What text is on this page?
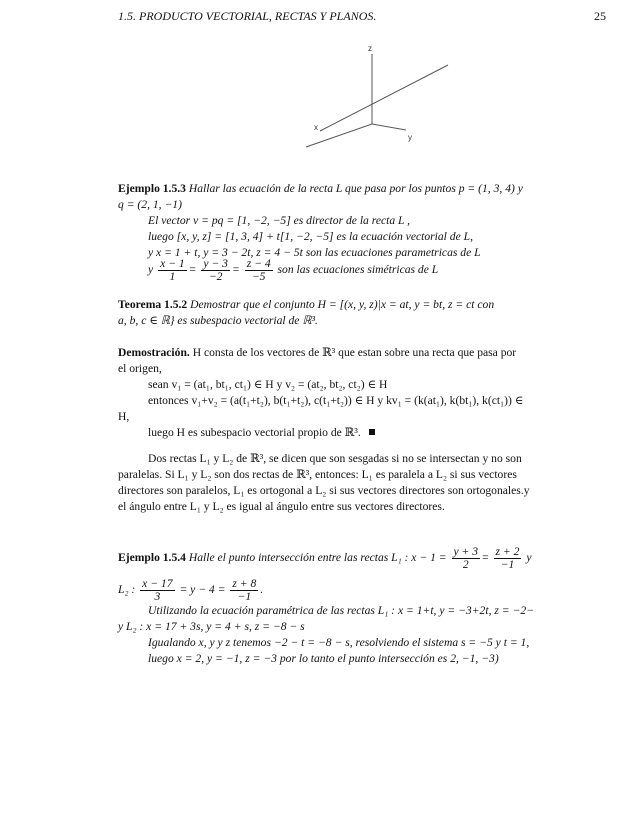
1.5. PRODUCTO VECTORIAL, RECTAS Y PLANOS.	25
z
x
y
Ejemplo 1.5.3 Hallar las ecuación de la recta L que pasa por los puntos p = (1, 3, 4) y
q = (2, 1, −1)
El vector v = pq = [1, −2, −5] es director de la recta L ,
luego [x, y, z] = [1, 3, 4] + t[1, −2, −5] es la ecuación vectorial de L,
y x = 1 + t, y = 3 − 2t, z = 4 − 5t son las ecuaciones parametricas de L
y $\frac{x - 1}{1} = \frac{y - 3}{-2} = \frac{z - 4}{-5}$ son las ecuaciones simétricas de L
Teorema 1.5.2 Demostrar que el conjunto H = [(x, y, z)|x = at, y = bt, z = ct con
a, b, c ∈ ℝ} es subespacio vectorial de ℝ³.
Demostración. H consta de los vectores de ℝ³ que estan sobre una recta que pasa por
el origen,
sean v₁ = (at₁, bt₁, ct₁) ∈ H y v₂ = (at₂, bt₂, ct₂) ∈ H
entonces v₁+v₂ = (a(t₁+t₂), b(t₁+t₂), c(t₁+t₂)) ∈ H y kv₁ = (k(at₁), k(bt₁), k(ct₁)) ∈
H,
luego H es subespacio vectorial propio de ℝ³.
Dos rectas L₁ y L₂ de ℝ³, se dicen que son sesgadas si no se intersectan y no son
paralelas. Si L₁ y L₂ son dos rectas de ℝ³, entonces: L₁ es paralela a L₂ si sus vectores
directores son paralelos, L₁ es ortogonal a L₂ si sus vectores directores son ortogonales.y
el ángulo entre L₁ y L₂ es igual al ángulo entre sus vectores directores.
Ejemplo 1.5.4 Halle el punto intersección entre las rectas L₁ : $x - 1 = \frac{y + 3}{2} = \frac{z + 2}{-1}$ y
L₂ : $\frac{x - 17}{3} = y - 4 = \frac{z + 8}{-1}$ .
Utilizando la ecuación paramétrica de las rectas L₁ : x = 1+t, y = −3+2t, z = −2−
y L₂ : x = 17 + 3s, y = 4 + s, z = −8 − s
Igualando x, y y z tenemos −2 − t = −8 − s, resolviendo el sistema s = −5 y t = 1,
luego x = 2, y = −1, z = −3 por lo tanto el punto intersección es 2, −1, −3)
